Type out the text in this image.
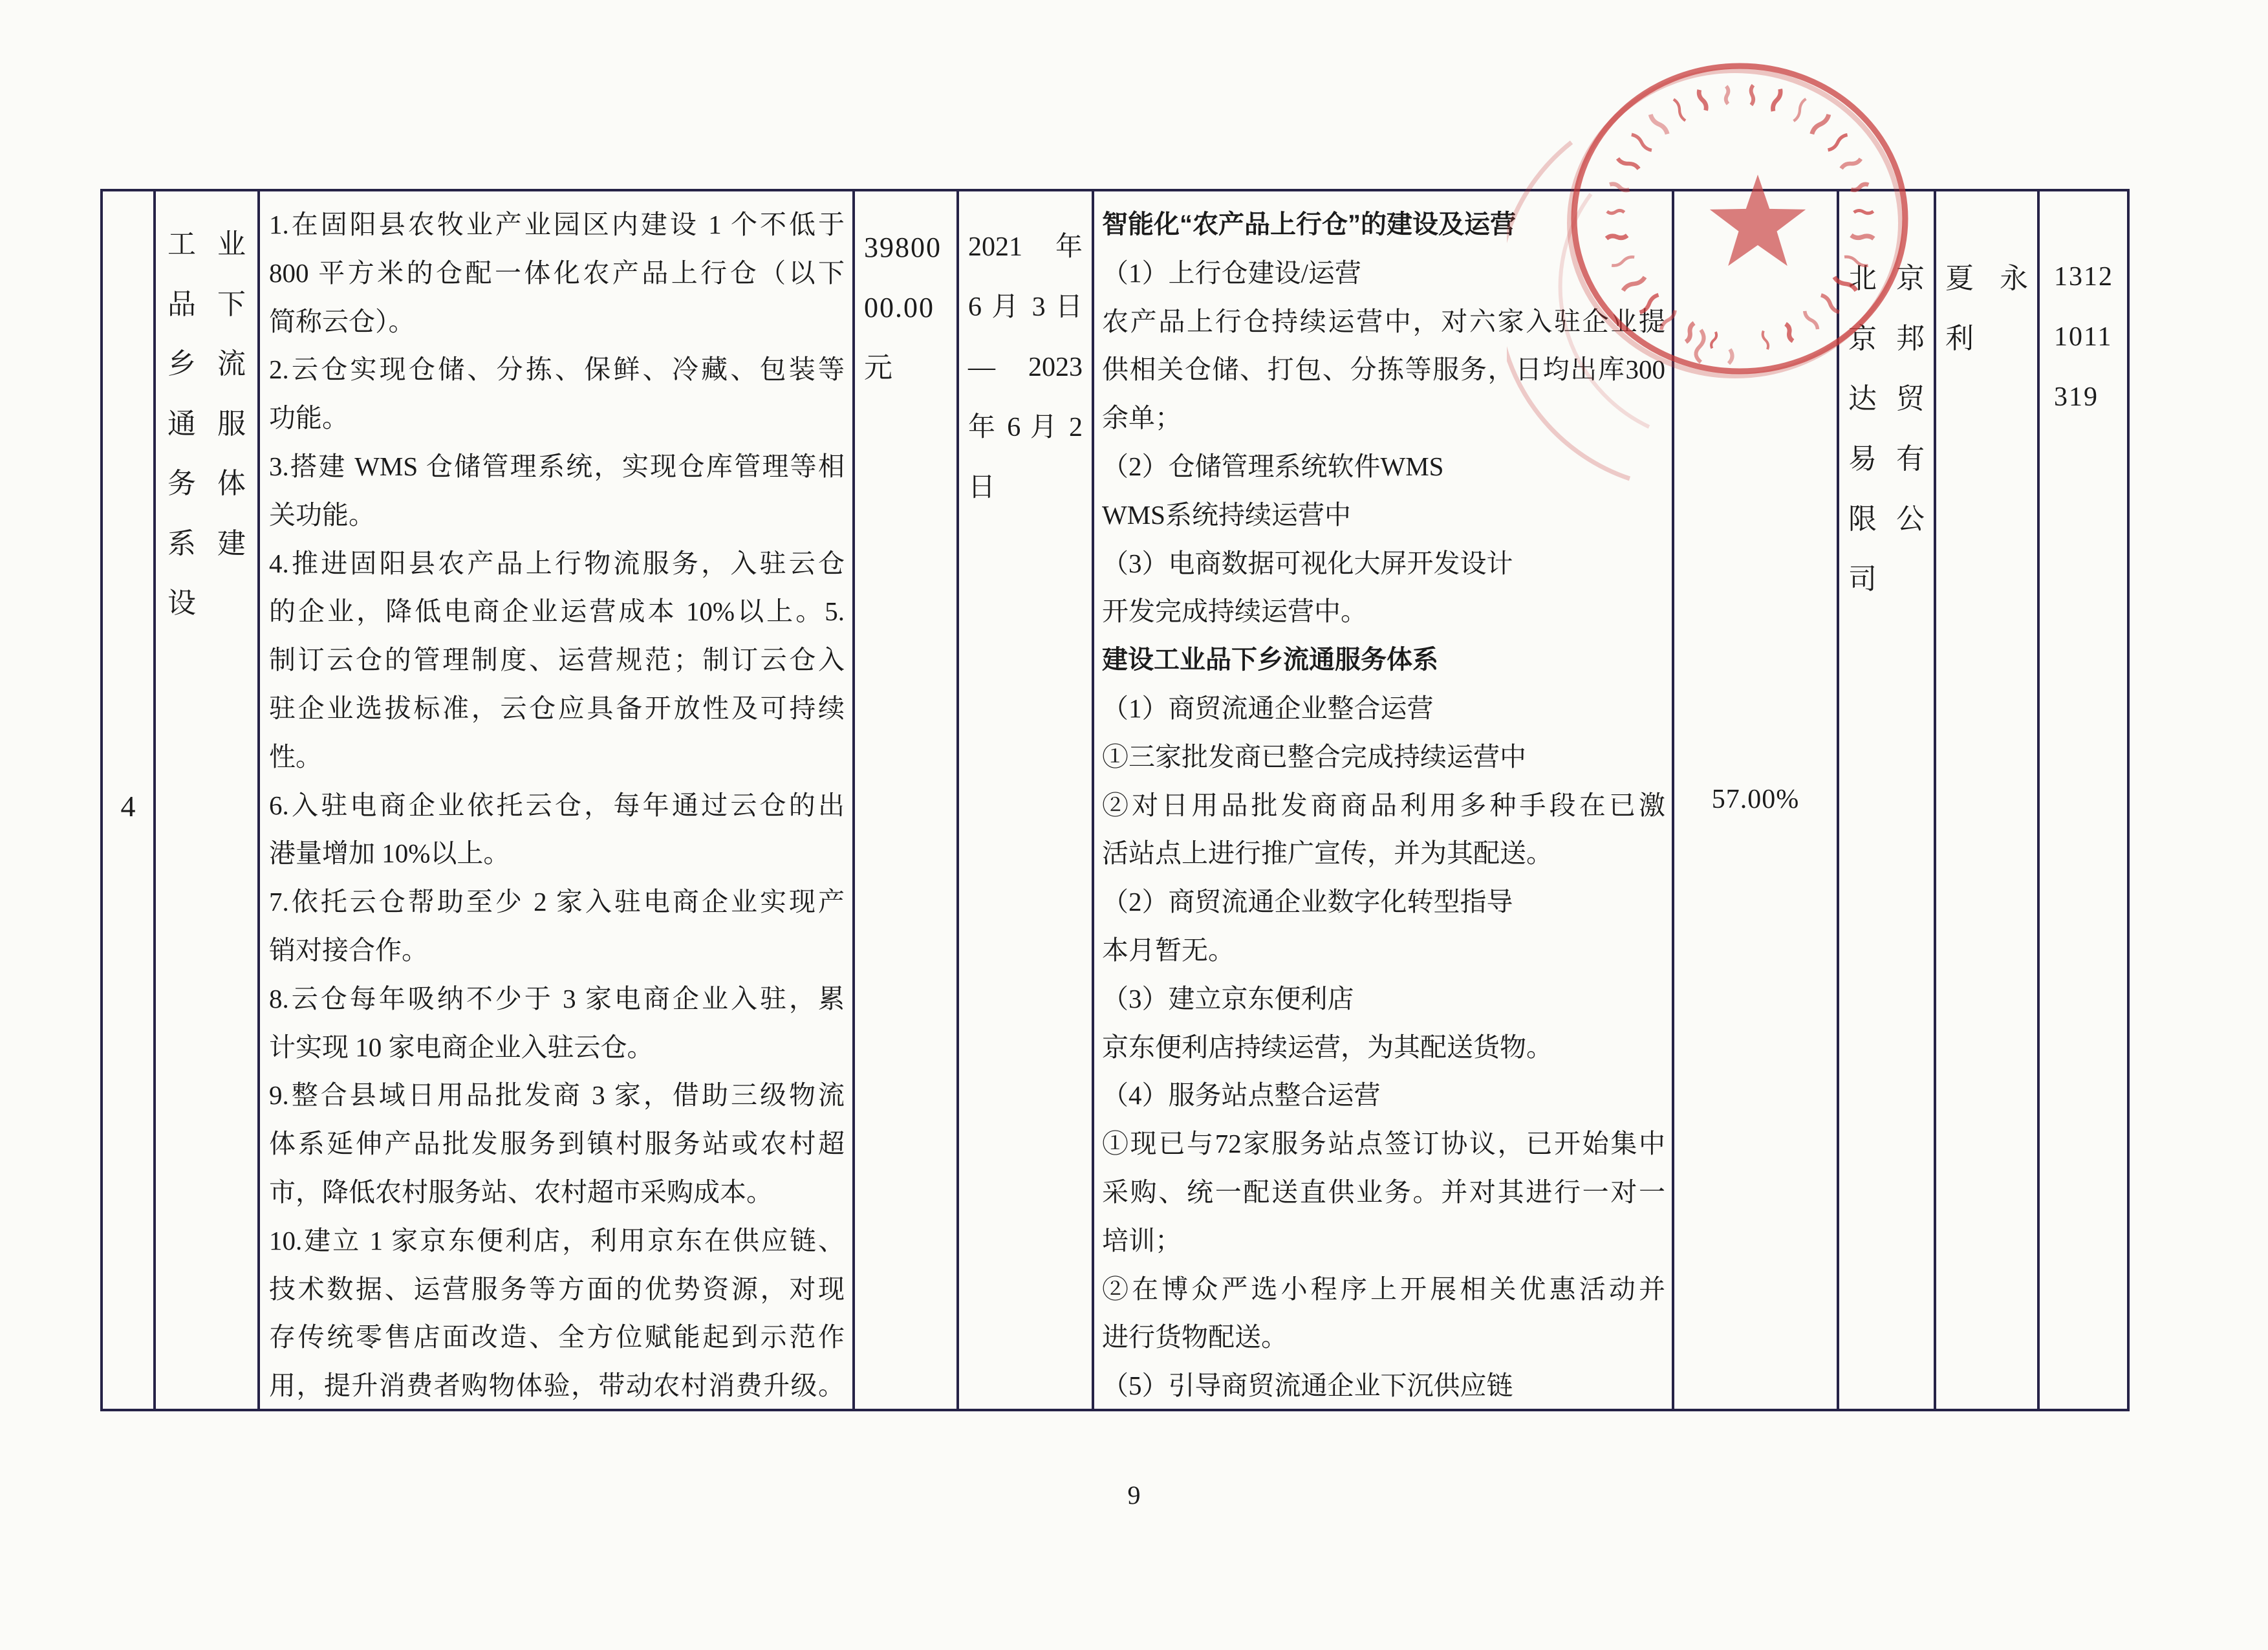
4
工 业
品 下
乡 流
通 服
务 体
系 建
设
1.在固阳县农牧业产业园区内建设 1 个不低于
800 平方米的仓配一体化农产品上行仓（以下
简称云仓）。
2.云仓实现仓储、分拣、保鲜、冷藏、包装等
功能。
3.搭建 WMS 仓储管理系统，实现仓库管理等相
关功能。
4.推进固阳县农产品上行物流服务，入驻云仓
的企业，降低电商企业运营成本 10%以上。5.
制订云仓的管理制度、运营规范；制订云仓入
驻企业选拔标准，云仓应具备开放性及可持续
性。
6.入驻电商企业依托云仓，每年通过云仓的出
港量增加 10%以上。
7.依托云仓帮助至少 2 家入驻电商企业实现产
销对接合作。
8.云仓每年吸纳不少于 3 家电商企业入驻，累
计实现 10 家电商企业入驻云仓。
9.整合县域日用品批发商 3 家，借助三级物流
体系延伸产品批发服务到镇村服务站或农村超
市，降低农村服务站、农村超市采购成本。
10.建立 1 家京东便利店，利用京东在供应链、
技术数据、运营服务等方面的优势资源，对现
存传统零售店面改造、全方位赋能起到示范作
用，提升消费者购物体验，带动农村消费升级。
39800
00.00
元
2021 年
6 月 3 日
— 2023
年 6 月 2
日
智能化“农产品上行仓”的建设及运营
（1）上行仓建设/运营
农产品上行仓持续运营中，对六家入驻企业提
供相关仓储、打包、分拣等服务，日均出库300
余单；
（2）仓储管理系统软件WMS
WMS系统持续运营中
（3）电商数据可视化大屏开发设计
开发完成持续运营中。
建设工业品下乡流通服务体系
（1）商贸流通企业整合运营
①三家批发商已整合完成持续运营中
②对日用品批发商商品利用多种手段在已激
活站点上进行推广宣传，并为其配送。
（2）商贸流通企业数字化转型指导
本月暂无。
（3）建立京东便利店
京东便利店持续运营，为其配送货物。
（4）服务站点整合运营
①现已与72家服务站点签订协议，已开始集中
采购、统一配送直供业务。并对其进行一对一
培训；
②在博众严选小程序上开展相关优惠活动并
进行货物配送。
（5）引导商贸流通企业下沉供应链
57.00%
北 京
京 邦
达 贸
易 有
限 公
司
夏 永
利
1312
1011
319
9
